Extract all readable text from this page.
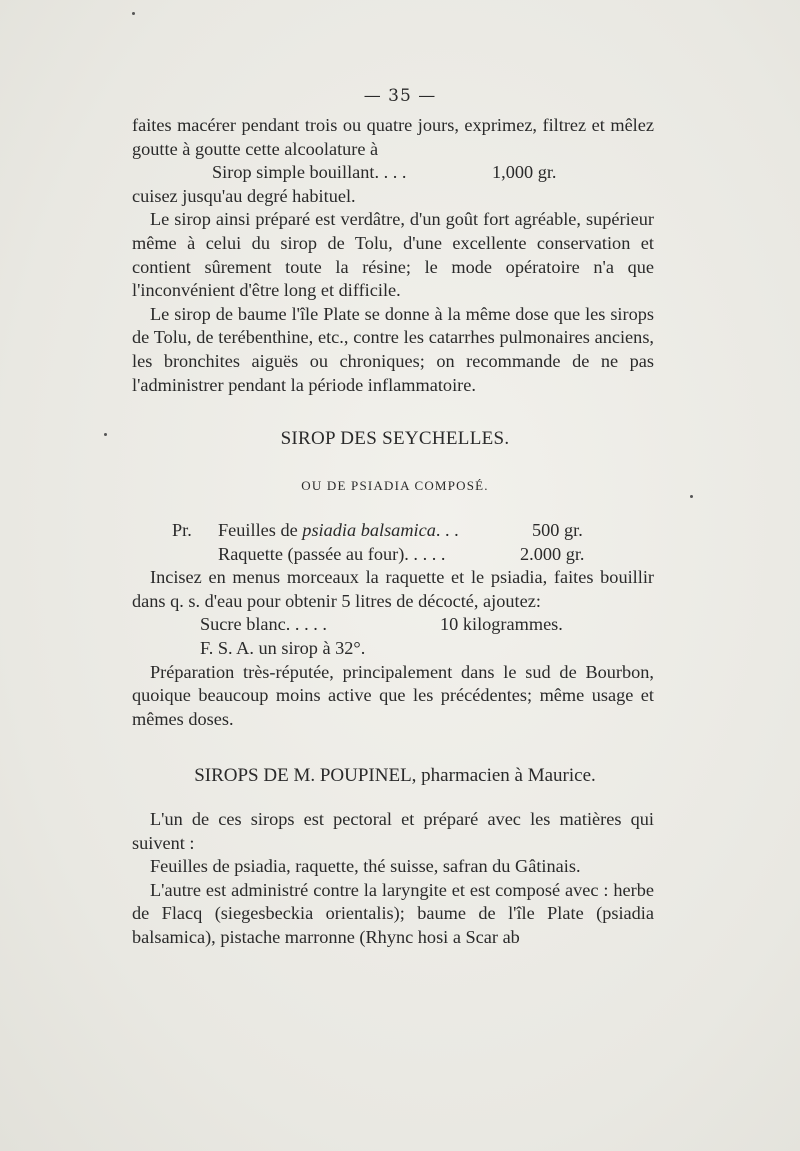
— 35 —

faites macérer pendant trois ou quatre jours, exprimez, filtrez et mêlez goutte à goutte cette alcoolature à

Sirop simple bouillant. . . .	1,000 gr.

cuisez jusqu'au degré habituel.

Le sirop ainsi préparé est verdâtre, d'un goût fort agréable, supérieur même à celui du sirop de Tolu, d'une excellente conservation et contient sûrement toute la résine; le mode opératoire n'a que l'inconvénient d'être long et difficile.

Le sirop de baume l'île Plate se donne à la même dose que les sirops de Tolu, de terébenthine, etc., contre les catarrhes pulmonaires anciens, les bronchites aiguës ou chroniques; on recommande de ne pas l'administrer pendant la période inflammatoire.

SIROP DES SEYCHELLES.
OU DE PSIADIA COMPOSÉ.
Pr. Feuilles de psiadia balsamica. . .	500 gr.
Raquette (passée au four). . . . .	2.000 gr.

Incisez en menus morceaux la raquette et le psiadia, faites bouillir dans q. s. d'eau pour obtenir 5 litres de décocté, ajoutez:

Sucre blanc. . . . .	10 kilogrammes.
F. S. A. un sirop à 32°.

Préparation très-réputée, principalement dans le sud de Bourbon, quoique beaucoup moins active que les précédentes; même usage et mêmes doses.

SIROPS DE M. POUPINEL, pharmacien à Maurice.

L'un de ces sirops est pectoral et préparé avec les matières qui suivent :

Feuilles de psiadia, raquette, thé suisse, safran du Gâtinais.

L'autre est administré contre la laryngite et est composé avec : herbe de Flacq (siegesbeckia orientalis); baume de l'île Plate (psiadia balsamica), pistache marronne (Rhync hosi a Scar ab
